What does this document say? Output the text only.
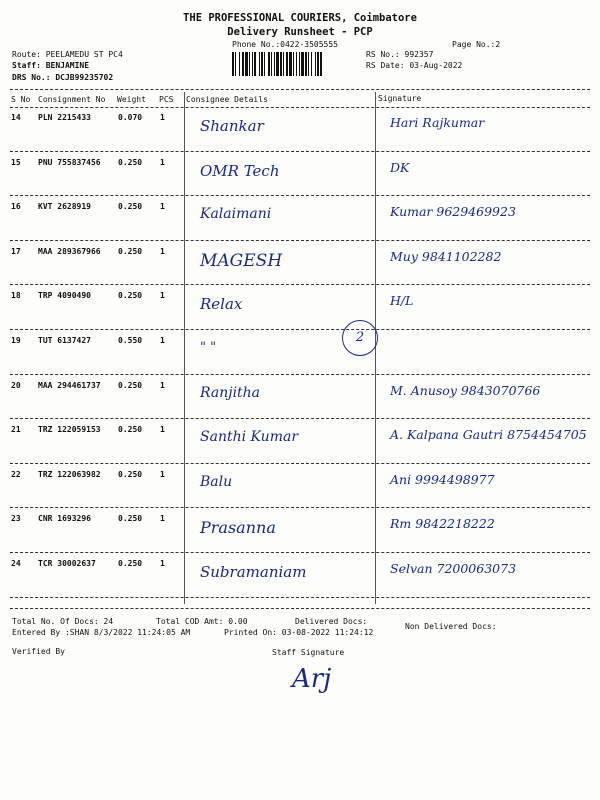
THE PROFESSIONAL COURIERS, Coimbatore
Delivery Runsheet - PCP
Phone No.:0422-3505555	Page No.:2
Route: PEELAMEDU ST PC4
Staff: BENJAMINE
DRS No.: DCJB99235702
RS No.: 992357
RS Date: 03-Aug-2022
S No Consignment No Weight PCS Consignee Details	Signature
14 PLN 2215433	0.070 1 Shankar	Hari Rajkumar
15 PNU 755837456 0.250 1 OMR Tech	DK
16 KVT 2628919	0.250 1	Kalaimani	Kumar 9629469923
17 MAA 289367966 0.250 1 MAGESH	Muy 9841102282
18 TRP 4090490	0.250 1 Relax	H/L
19 TUT 6137427	0.550 1	" "
20 MAA 294461737 0.250 1	Ranjitha	M. Anusoy 9843070766
21 TRZ 122059153 0.250 1	Santhi Kumar	A. Kalpana Gautri 8754454705
22 TRZ 122063982 0.250 1	Balu	Ani 9994498977
23 CNR 1693296	0.250 1 Prasanna	Rm 9842218222
24 TCR 30002637	0.250 1 Subramaniam	Selvan 7200063073
2
Total No. Of Docs: 24	Total COD Amt: 0.00	Delivered Docs:
Non Delivered Docs:
Entered By :SHAN 8/3/2022 11:24:05 AM	Printed On: 03-08-2022 11:24:12
Verified By	Staff Signature
Arj
